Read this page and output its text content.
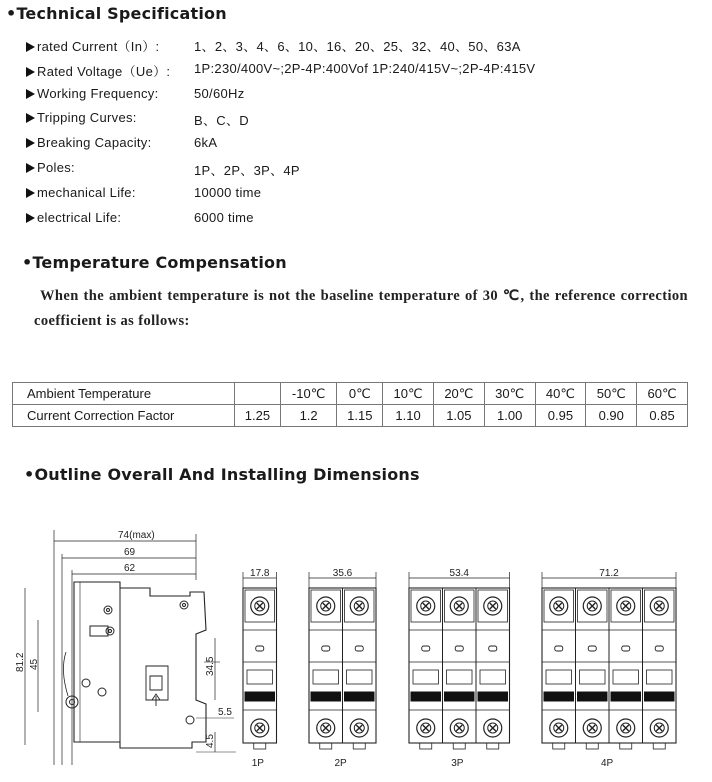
•Technical Specification
rated Current（In）:	1、2、3、4、6、10、16、20、25、32、40、50、63A
Rated Voltage（Ue）: 1P:230/400V~;2P-4P:400Vof 1P:240/415V~;2P-4P:415V
Working Frequency:	50/60Hz
Tripping Curves:	B、C、D
Breaking Capacity:	6kA
Poles:	1P、2P、3P、4P
mechanical Life:	10000 time
electrical Life:	6000 time
•Temperature Compensation
When the ambient temperature is not the baseline temperature of 30 ℃, the reference correction coefficient is as follows:
Ambient Temperature		-10℃	0℃	10℃	20℃	30℃	40℃	50℃	60℃
Current Correction Factor	1.25	1.2	1.15	1.10	1.05	1.00	0.95	0.90	0.85
•Outline Overall And Installing Dimensions
74(max)
69
62
81.2 45	34.5
5.5
4.5
17.8
1P
35.6
2P
53.4
3P
71.2
4P
